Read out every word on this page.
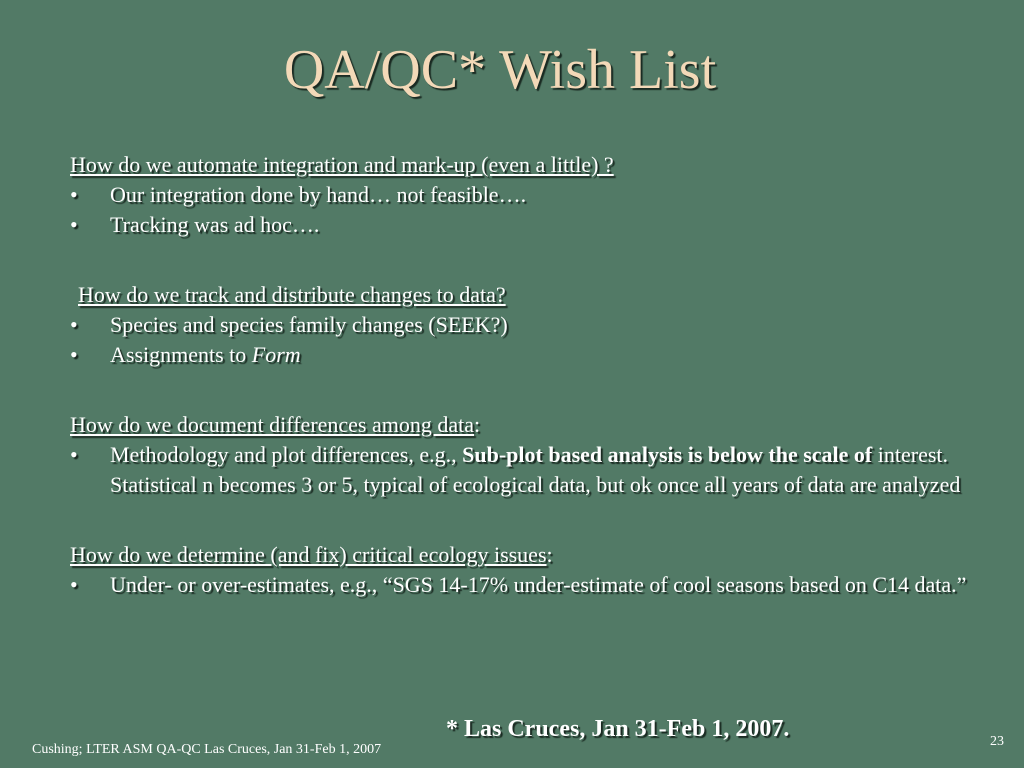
QA/QC* Wish List
How do we automate integration and mark-up (even a little) ?
• Our integration done by hand… not feasible….
• Tracking was ad hoc….
How do we track and distribute changes to data?
• Species and species family changes (SEEK?)
• Assignments to Form
How do we document differences among data:
• Methodology and plot differences, e.g., Sub-plot based analysis is below the scale of interest. Statistical n becomes 3 or 5, typical of ecological data, but ok once all years of data are analyzed
How do we determine (and fix) critical ecology issues:
• Under- or over-estimates, e.g., “SGS 14-17% under-estimate of cool seasons based on C14 data.”
* Las Cruces, Jan 31-Feb 1, 2007.
Cushing; LTER ASM QA-QC Las Cruces, Jan 31-Feb 1, 2007
23
